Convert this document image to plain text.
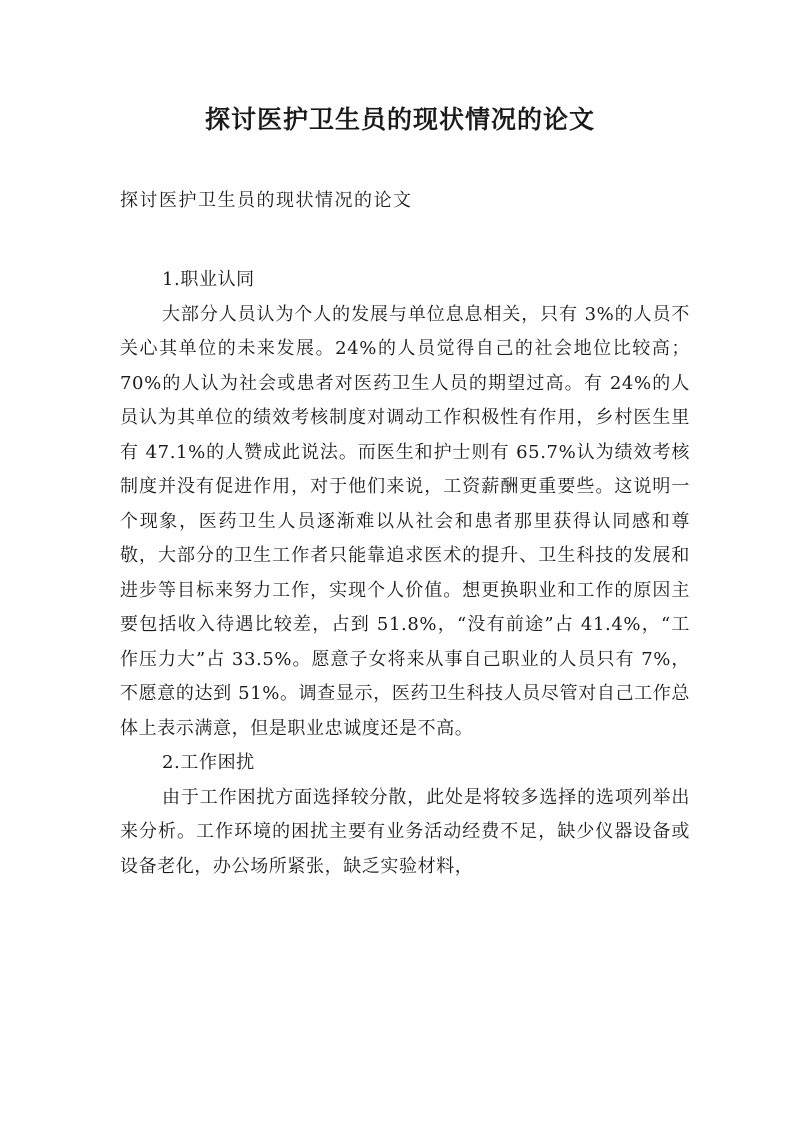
探讨医护卫生员的现状情况的论文

探讨医护卫生员的现状情况的论文

1.职业认同

大部分人员认为个人的发展与单位息息相关，只有 3%的人员不关心其单位的未来发展。24%的人员觉得自己的社会地位比较高；70%的人认为社会或患者对医药卫生人员的期望过高。有 24%的人员认为其单位的绩效考核制度对调动工作积极性有作用，乡村医生里有 47.1%的人赞成此说法。而医生和护士则有 65.7%认为绩效考核制度并没有促进作用，对于他们来说，工资薪酬更重要些。这说明一个现象，医药卫生人员逐渐难以从社会和患者那里获得认同感和尊敬，大部分的卫生工作者只能靠追求医术的提升、卫生科技的发展和进步等目标来努力工作，实现个人价值。想更换职业和工作的原因主要包括收入待遇比较差，占到 51.8%，“没有前途”占 41.4%，“工作压力大”占 33.5%。愿意子女将来从事自己职业的人员只有 7%，不愿意的达到 51%。调查显示，医药卫生科技人员尽管对自己工作总体上表示满意，但是职业忠诚度还是不高。

2.工作困扰

由于工作困扰方面选择较分散，此处是将较多选择的选项列举出来分析。工作环境的困扰主要有业务活动经费不足，缺少仪器设备或设备老化，办公场所紧张，缺乏实验材料，
